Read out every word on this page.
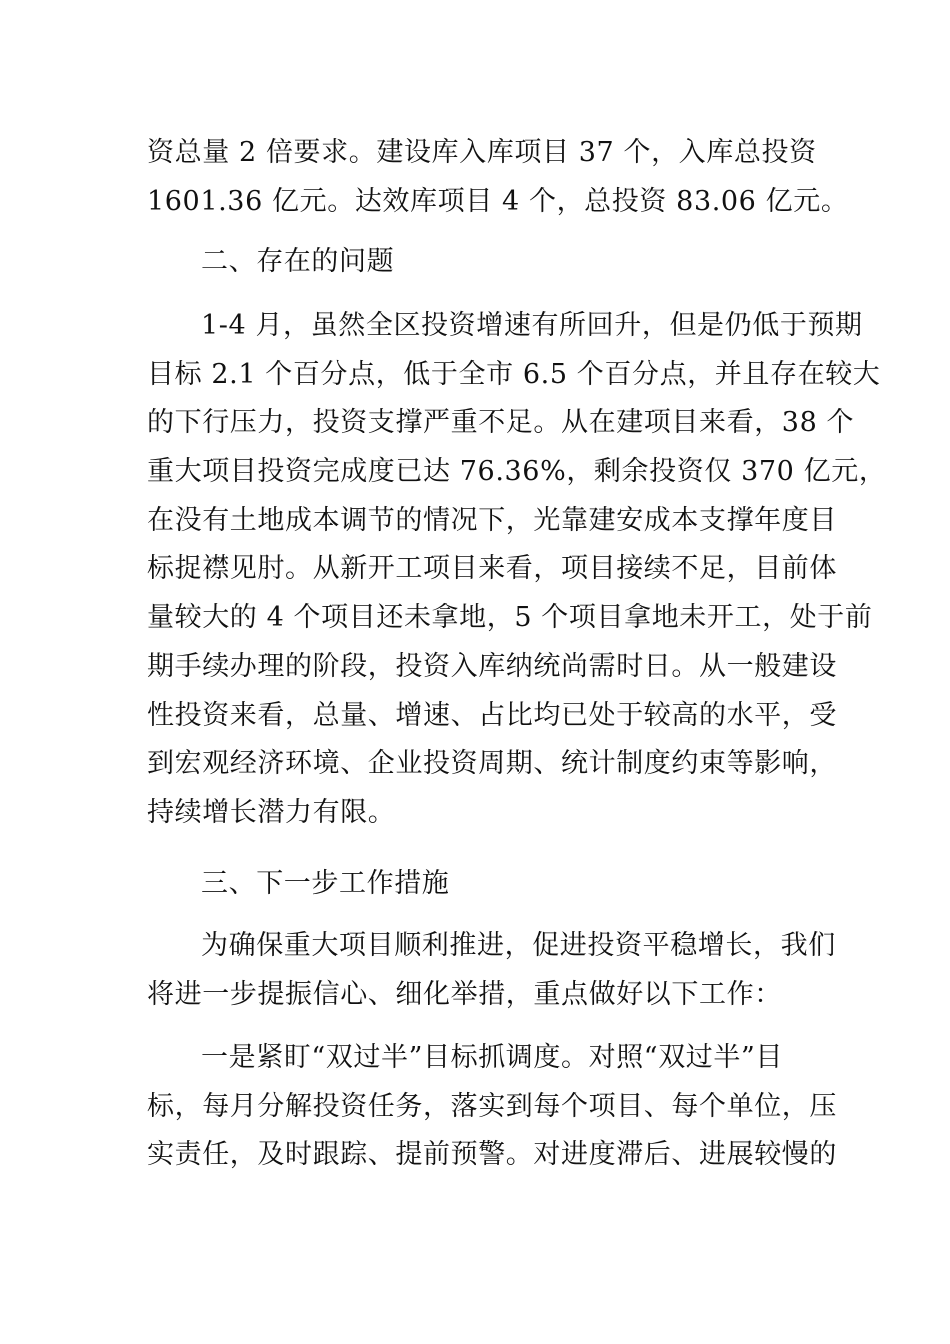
资总量 2 倍要求。建设库入库项目 37 个，入库总投资
1601.36 亿元。达效库项目 4 个，总投资 83.06 亿元。
二、存在的问题
1-4 月，虽然全区投资增速有所回升，但是仍低于预期
目标 2.1 个百分点，低于全市 6.5 个百分点，并且存在较大
的下行压力，投资支撑严重不足。从在建项目来看，38 个
重大项目投资完成度已达 76.36%，剩余投资仅 370 亿元，
在没有土地成本调节的情况下，光靠建安成本支撑年度目
标捉襟见肘。从新开工项目来看，项目接续不足，目前体
量较大的 4 个项目还未拿地，5 个项目拿地未开工，处于前
期手续办理的阶段，投资入库纳统尚需时日。从一般建设
性投资来看，总量、增速、占比均已处于较高的水平，受
到宏观经济环境、企业投资周期、统计制度约束等影响，
持续增长潜力有限。
三、下一步工作措施
为确保重大项目顺利推进，促进投资平稳增长，我们
将进一步提振信心、细化举措，重点做好以下工作：
一是紧盯“双过半”目标抓调度。对照“双过半”目
标，每月分解投资任务，落实到每个项目、每个单位，压
实责任，及时跟踪、提前预警。对进度滞后、进展较慢的
